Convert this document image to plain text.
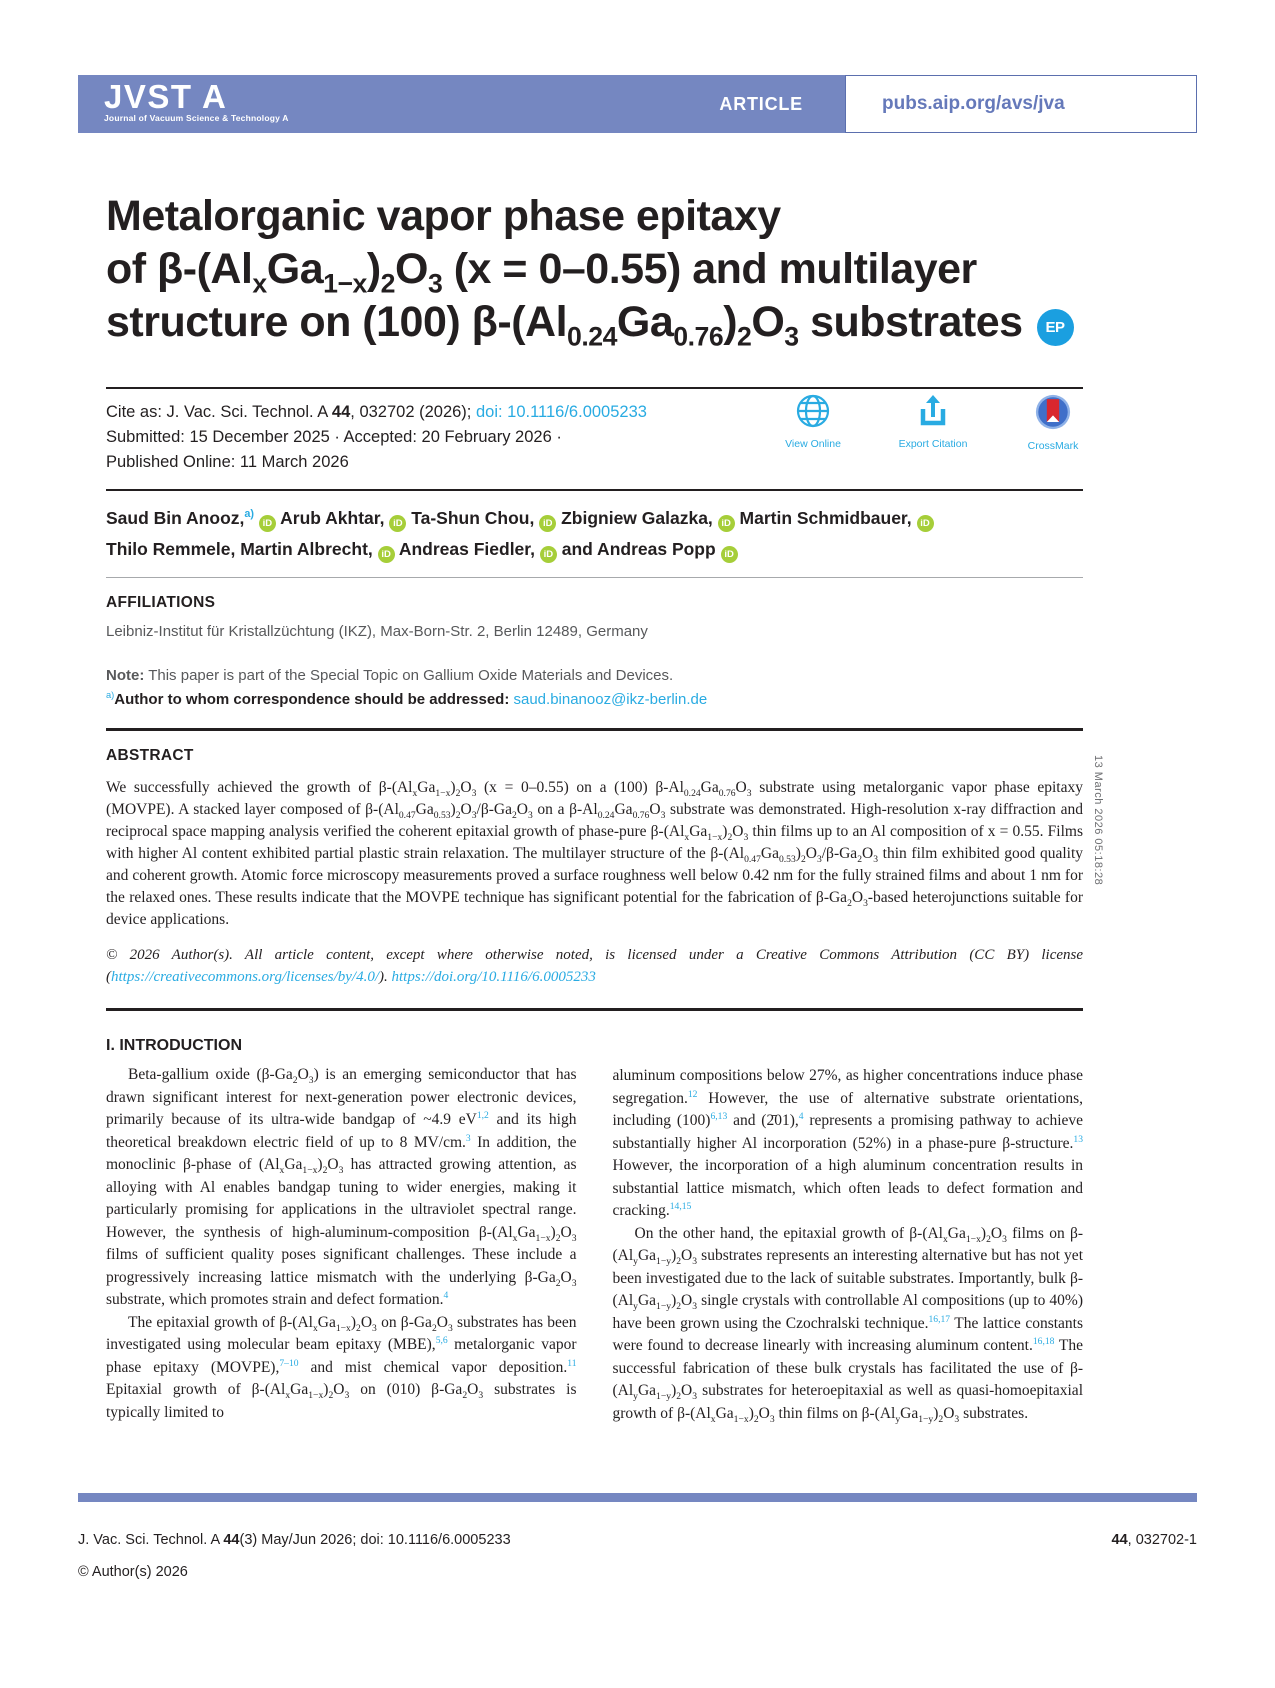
JVST A
Journal of Vacuum Science & Technology A
ARTICLE	pubs.aip.org/avs/jva
Metalorganic vapor phase epitaxy
of $\beta-(Al_xGa_{1-x})_2O_3$ (x = 0–0.55) and multilayer
structure on (100) $\beta-(Al_{0.24}Ga_{0.76})_2O_3$ substrates EP
View Online	Export Citation	CrossMark
Cite as: J. Vac. Sci. Technol. A 44, 032702 (2026); doi: 10.1116/6.0005233
Submitted: 15 December 2025 · Accepted: 20 February 2026 ·
Published Online: 11 March 2026
Saud Bin Anooz,$^{a)}$ iD Arub Akhtar, iD Ta-Shun Chou, iD Zbigniew Galazka, iD Martin Schmidbauer, iD
Thilo Remmele, Martin Albrecht, iD Andreas Fiedler, iD and Andreas Popp iD
AFFILIATIONS
Leibniz-Institut für Kristallzüchtung (IKZ), Max-Born-Str. 2, Berlin 12489, Germany
Note: This paper is part of the Special Topic on Gallium Oxide Materials and Devices.
$^{a)}$Author to whom correspondence should be addressed: saud.binanooz@ikz-berlin.de
ABSTRACT
We successfully achieved the growth of $\beta-(Al_xGa_{1-x})_2O_3$ (x = 0–0.55) on a (100) $\beta-Al_{0.24}Ga_{0.76}O_3$ substrate using metalorganic vapor phase epitaxy (MOVPE). A stacked layer composed of $\beta-(Al_{0.47}Ga_{0.53})_2O_3/\beta-Ga_2O_3$ on a $\beta-Al_{0.24}Ga_{0.76}O_3$ substrate was demonstrated. High-resolution x-ray diffraction and reciprocal space mapping analysis verified the coherent epitaxial growth of phase-pure $\beta-(Al_xGa_{1-x})_2O_3$ thin films up to an Al composition of x = 0.55. Films with higher Al content exhibited partial plastic strain relaxation. The multilayer structure of the $\beta-(Al_{0.47}Ga_{0.53})_2O_3/\beta-Ga_2O_3$ thin film exhibited good quality and coherent growth. Atomic force microscopy measurements proved a surface roughness well below 0.42 nm for the fully strained films and about 1 nm for the relaxed ones. These results indicate that the MOVPE technique has significant potential for the fabrication of $\beta-Ga_2O_3$-based heterojunctions suitable for device applications.
© 2026 Author(s). All article content, except where otherwise noted, is licensed under a Creative Commons Attribution (CC BY) license (https://creativecommons.org/licenses/by/4.0/). https://doi.org/10.1116/6.0005233
I. INTRODUCTION

Beta-gallium oxide $(\beta-Ga_2O_3)$ is an emerging semiconductor that has drawn significant interest for next-generation power electronic devices, primarily because of its ultra-wide bandgap of ~4.9 eV$^{1,2}$ and its high theoretical breakdown electric field of up to 8 MV/cm.$^3$ In addition, the monoclinic β-phase of $(Al_xGa_{1-x})_2O_3$ has attracted growing attention, as alloying with Al enables bandgap tuning to wider energies, making it particularly promising for applications in the ultraviolet spectral range. However, the synthesis of high-aluminum-composition $\beta-(Al_xGa_{1-x})_2O_3$ films of sufficient quality poses significant challenges. These include a progressively increasing lattice mismatch with the underlying $\beta-Ga_2O_3$ substrate, which promotes strain and defect formation.$^4$

The epitaxial growth of $\beta-(Al_xGa_{1-x})_2O_3$ on $\beta-Ga_2O_3$ substrates has been investigated using molecular beam epitaxy (MBE),$^{5,6}$ metalorganic vapor phase epitaxy (MOVPE),$^{7-10}$ and mist chemical vapor deposition.$^{11}$ Epitaxial growth of $\beta-(Al_xGa_{1-x})_2O_3$ on (010) $\beta-Ga_2O_3$ substrates is typically limited to

aluminum compositions below 27%, as higher concentrations induce phase segregation.$^{12}$ However, the use of alternative substrate orientations, including $(100)^{6,13}$ and (2̄01),$^4$ represents a promising pathway to achieve substantially higher Al incorporation (52%) in a phase-pure β-structure.$^{13}$ However, the incorporation of a high aluminum concentration results in substantial lattice mismatch, which often leads to defect formation and cracking.$^{14,15}$

On the other hand, the epitaxial growth of $\beta-(Al_xGa_{1-x})_2O_3$ films on $\beta-(Al_yGa_{1-y})_2O_3$ substrates represents an interesting alternative but has not yet been investigated due to the lack of suitable substrates. Importantly, bulk $\beta-(Al_yGa_{1-y})_2O_3$ single crystals with controllable Al compositions (up to 40%) have been grown using the Czochralski technique.$^{16,17}$ The lattice constants were found to decrease linearly with increasing aluminum content.$^{16,18}$ The successful fabrication of these bulk crystals has facilitated the use of $\beta-(Al_yGa_{1-y})_2O_3$ substrates for heteroepitaxial as well as quasi-homoepitaxial growth of $\beta-(Al_xGa_{1-x})_2O_3$ thin films on $\beta-(Al_yGa_{1-y})_2O_3$ substrates.

13 March 2026 05:18:28
J. Vac. Sci. Technol. A 44(3) May/Jun 2026; doi: 10.1116/6.0005233	44, 032702-1
© Author(s) 2026
